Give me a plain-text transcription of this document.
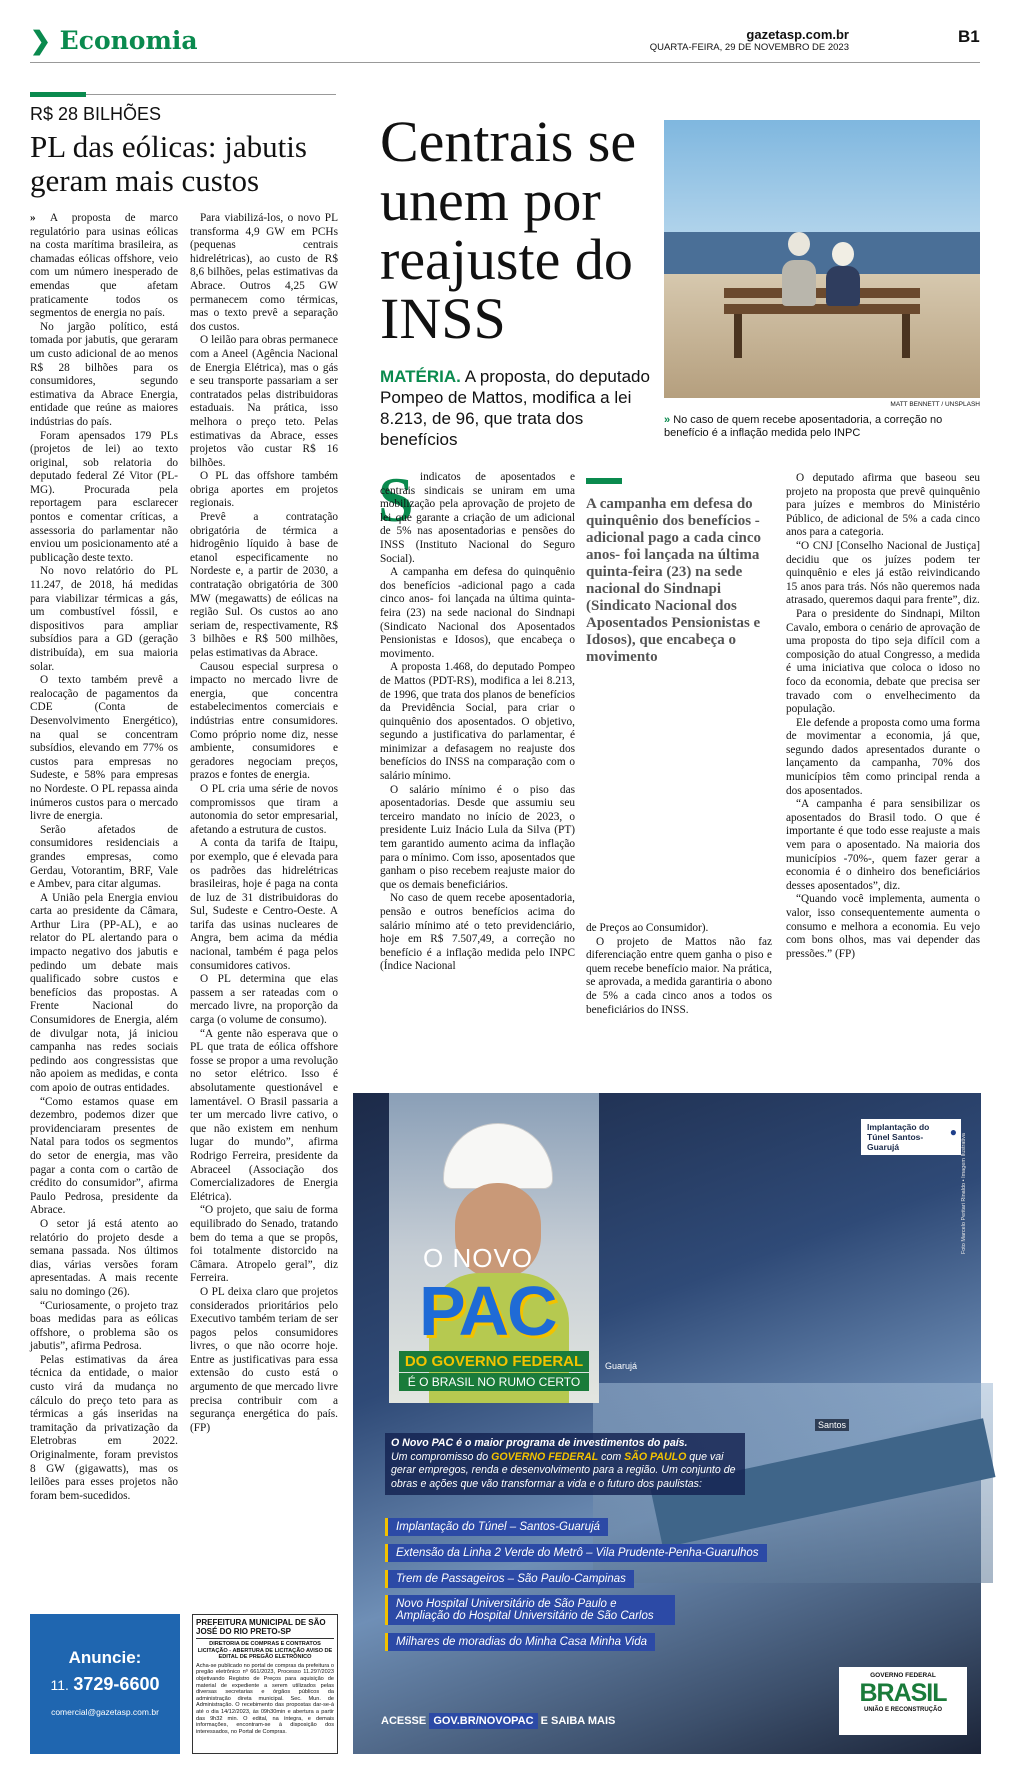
❯ Economia	gazetasp.com.br
QUARTA-FEIRA, 29 DE NOVEMBRO DE 2023
B1
R$ 28 BILHÕES
PL das eólicas: jabutis geram mais custos

» A proposta de marco regulatório para usinas eólicas na costa marítima brasileira, as chamadas eólicas offshore, veio com um número inesperado de emendas que afetam praticamente todos os segmentos de energia no país.

No jargão político, está tomada por jabutis, que geraram um custo adicional de ao menos R$ 28 bilhões para os consumidores, segundo estimativa da Abrace Energia, entidade que reúne as maiores indústrias do país.

Foram apensados 179 PLs (projetos de lei) ao texto original, sob relatoria do deputado federal Zé Vitor (PL-MG). Procurada pela reportagem para esclarecer pontos e comentar críticas, a assessoria do parlamentar não enviou um posicionamento até a publicação deste texto.

No novo relatório do PL 11.247, de 2018, há medidas para viabilizar térmicas a gás, um combustível fóssil, e dispositivos para ampliar subsídios para a GD (geração distribuída), em sua maioria solar.

O texto também prevê a realocação de pagamentos da CDE (Conta de Desenvolvimento Energético), na qual se concentram subsídios, elevando em 77% os custos para empresas no Sudeste, e 58% para empresas no Nordeste. O PL repassa ainda inúmeros custos para o mercado livre de energia.

Serão afetados de consumidores residenciais a grandes empresas, como Gerdau, Votorantim, BRF, Vale e Ambev, para citar algumas.

A União pela Energia enviou carta ao presidente da Câmara, Arthur Lira (PP-AL), e ao relator do PL alertando para o impacto negativo dos jabutis e pedindo um debate mais qualificado sobre custos e benefícios das propostas. A Frente Nacional do Consumidores de Energia, além de divulgar nota, já iniciou campanha nas redes sociais pedindo aos congressistas que não apoiem as medidas, e conta com apoio de outras entidades.

“Como estamos quase em dezembro, podemos dizer que providenciaram presentes de Natal para todos os segmentos do setor de energia, mas vão pagar a conta com o cartão de crédito do consumidor”, afirma Paulo Pedrosa, presidente da Abrace.

O setor já está atento ao relatório do projeto desde a semana passada. Nos últimos dias, várias versões foram apresentadas. A mais recente saiu no domingo (26).

“Curiosamente, o projeto traz boas medidas para as eólicas offshore, o problema são os jabutis”, afirma Pedrosa.

Pelas estimativas da área técnica da entidade, o maior custo virá da mudança no cálculo do preço teto para as térmicas a gás inseridas na tramitação da privatização da Eletrobras em 2022. Originalmente, foram previstos 8 GW (gigawatts), mas os leilões para esses projetos não foram bem-sucedidos.

Para viabilizá-los, o novo PL transforma 4,9 GW em PCHs (pequenas centrais hidrelétricas), ao custo de R$ 8,6 bilhões, pelas estimativas da Abrace. Outros 4,25 GW permanecem como térmicas, mas o texto prevê a separação dos custos.

O leilão para obras permanece com a Aneel (Agência Nacional de Energia Elétrica), mas o gás e seu transporte passariam a ser contratados pelas distribuidoras estaduais. Na prática, isso melhora o preço teto. Pelas estimativas da Abrace, esses projetos vão custar R$ 16 bilhões.

O PL das offshore também obriga aportes em projetos regionais.

Prevê a contratação obrigatória de térmica a hidrogênio líquido à base de etanol especificamente no Nordeste e, a partir de 2030, a contratação obrigatória de 300 MW (megawatts) de eólicas na região Sul. Os custos ao ano seriam de, respectivamente, R$ 3 bilhões e R$ 500 milhões, pelas estimativas da Abrace.

Causou especial surpresa o impacto no mercado livre de energia, que concentra estabelecimentos comerciais e indústrias entre consumidores. Como próprio nome diz, nesse ambiente, consumidores e geradores negociam preços, prazos e fontes de energia.

O PL cria uma série de novos compromissos que tiram a autonomia do setor empresarial, afetando a estrutura de custos.

A conta da tarifa de Itaipu, por exemplo, que é elevada para os padrões das hidrelétricas brasileiras, hoje é paga na conta de luz de 31 distribuidoras do Sul, Sudeste e Centro-Oeste. A tarifa das usinas nucleares de Angra, bem acima da média nacional, também é paga pelos consumidores cativos.

O PL determina que elas passem a ser rateadas com o mercado livre, na proporção da carga (o volume de consumo).

“A gente não esperava que o PL que trata de eólica offshore fosse se propor a uma revolução no setor elétrico. Isso é absolutamente questionável e lamentável. O Brasil passaria a ter um mercado livre cativo, o que não existem em nenhum lugar do mundo”, afirma Rodrigo Ferreira, presidente da Abraceel (Associação dos Comercializadores de Energia Elétrica).

“O projeto, que saiu de forma equilibrado do Senado, tratando bem do tema a que se propôs, foi totalmente distorcido na Câmara. Atropelo geral”, diz Ferreira.

O PL deixa claro que projetos considerados prioritários pelo Executivo também teriam de ser pagos pelos consumidores livres, o que não ocorre hoje. Entre as justificativas para essa extensão do custo está o argumento de que mercado livre precisa contribuir com a segurança energética do país. (FP)

Centrais se unem por reajuste do INSS
MATÉRIA. A proposta, do deputado Pompeo de Mattos, modifica a lei 8.213, de 96, que trata dos benefícios
MATT BENNETT / UNSPLASH
» No caso de quem recebe aposentadoria, a correção no benefício é a inflação medida pelo INPC
S indicatos de aposentados e centrais sindicais se uniram em uma mobilização pela aprovação de projeto de lei que garante a criação de um adicional de 5% nas aposentadorias e pensões do INSS (Instituto Nacional do Seguro Social).

A campanha em defesa do quinquênio dos benefícios -adicional pago a cada cinco anos- foi lançada na última quinta-feira (23) na sede nacional do Sindnapi (Sindicato Nacional dos Aposentados Pensionistas e Idosos), que encabeça o movimento.

A proposta 1.468, do deputado Pompeo de Mattos (PDT-RS), modifica a lei 8.213, de 1996, que trata dos planos de benefícios da Previdência Social, para criar o quinquênio dos aposentados. O objetivo, segundo a justificativa do parlamentar, é minimizar a defasagem no reajuste dos benefícios do INSS na comparação com o salário mínimo.

O salário mínimo é o piso das aposentadorias. Desde que assumiu seu terceiro mandato no início de 2023, o presidente Luiz Inácio Lula da Silva (PT) tem garantido aumento acima da inflação para o mínimo. Com isso, aposentados que ganham o piso recebem reajuste maior do que os demais beneficiários.

No caso de quem recebe aposentadoria, pensão e outros benefícios acima do salário mínimo até o teto previdenciário, hoje em R$ 7.507,49, a correção no benefício é a inflação medida pelo INPC (Índice Nacional

A campanha em defesa do quinquênio dos benefícios -adicional pago a cada cinco anos- foi lançada na última quinta-feira (23) na sede nacional do Sindnapi (Sindicato Nacional dos Aposentados Pensionistas e Idosos), que encabeça o movimento

de Preços ao Consumidor).

O projeto de Mattos não faz diferenciação entre quem ganha o piso e quem recebe benefício maior. Na prática, se aprovada, a medida garantiria o abono de 5% a cada cinco anos a todos os beneficiários do INSS.

O deputado afirma que baseou seu projeto na proposta que prevê quinquênio para juízes e membros do Ministério Público, de adicional de 5% a cada cinco anos para a categoria.

“O CNJ [Conselho Nacional de Justiça] decidiu que os juízes podem ter quinquênio e eles já estão reivindicando 15 anos para trás. Nós não queremos nada atrasado, queremos daqui para frente”, diz.

Para o presidente do Sindnapi, Milton Cavalo, embora o cenário de aprovação de uma proposta do tipo seja difícil com a composição do atual Congresso, a medida é uma iniciativa que coloca o idoso no foco da economia, debate que precisa ser travado com o envelhecimento da população.

Ele defende a proposta como uma forma de movimentar a economia, já que, segundo dados apresentados durante o lançamento da campanha, 70% dos municípios têm como principal renda a dos aposentados.

“A campanha é para sensibilizar os aposentados do Brasil todo. O que é importante é que todo esse reajuste a mais vem para o aposentado. Na maioria dos municípios -70%-, quem fazer gerar a economia é o dinheiro dos beneficiários desses aposentados”, diz.

“Quando você implementa, aumenta o valor, isso consequentemente aumenta o consumo e melhora a economia. Eu vejo com bons olhos, mas vai depender das pressões.” (FP)

Anuncie:
11. 3729-6600
comercial@gazetasp.com.br
PREFEITURA MUNICIPAL DE SÃO JOSÉ DO RIO PRETO-SP
DIRETORIA DE COMPRAS E CONTRATOS LICITAÇÃO - ABERTURA DE LICITAÇÃO AVISO DE EDITAL DE PREGÃO ELETRÔNICO
Acha-se publicado no portal de compras da prefeitura o pregão eletrônico nº 661/2023, Processo 11.297/2023 objetivando Registro de Preços para aquisição de material de expediente a serem utilizados pelas diversas secretarias e órgãos públicos da administração direta municipal. Sec. Mun. de Administração. O recebimento das propostas dar-se-á até o dia 14/12/2023, às 09h30min e abertura a partir das 9h32 min. O edital, na íntegra, e demais informações, encontram-se à disposição dos interessados, no Portal de Compras.
Implantação do Túnel Santos-Guarujá
●
Foto Marcelo Peritari Rinaldo • Imagem Ilustrativa
O NOVO
PAC
DO GOVERNO FEDERAL
É O BRASIL NO RUMO CERTO
Guarujá
Santos
O Novo PAC é o maior programa de investimentos do país.
Um compromisso do GOVERNO FEDERAL com SÃO PAULO que vai gerar empregos, renda e desenvolvimento para a região. Um conjunto de obras e ações que vão transformar a vida e o futuro dos paulistas:
Implantação do Túnel – Santos-Guarujá
Extensão da Linha 2 Verde do Metrô – Vila Prudente-Penha-Guarulhos
Trem de Passageiros – São Paulo-Campinas
Novo Hospital Universitário de São Paulo e Ampliação do Hospital Universitário de São Carlos
Milhares de moradias do Minha Casa Minha Vida
ACESSE GOV.BR/NOVOPAC E SAIBA MAIS
GOVERNO FEDERAL
BRASIL
UNIÃO E RECONSTRUÇÃO
